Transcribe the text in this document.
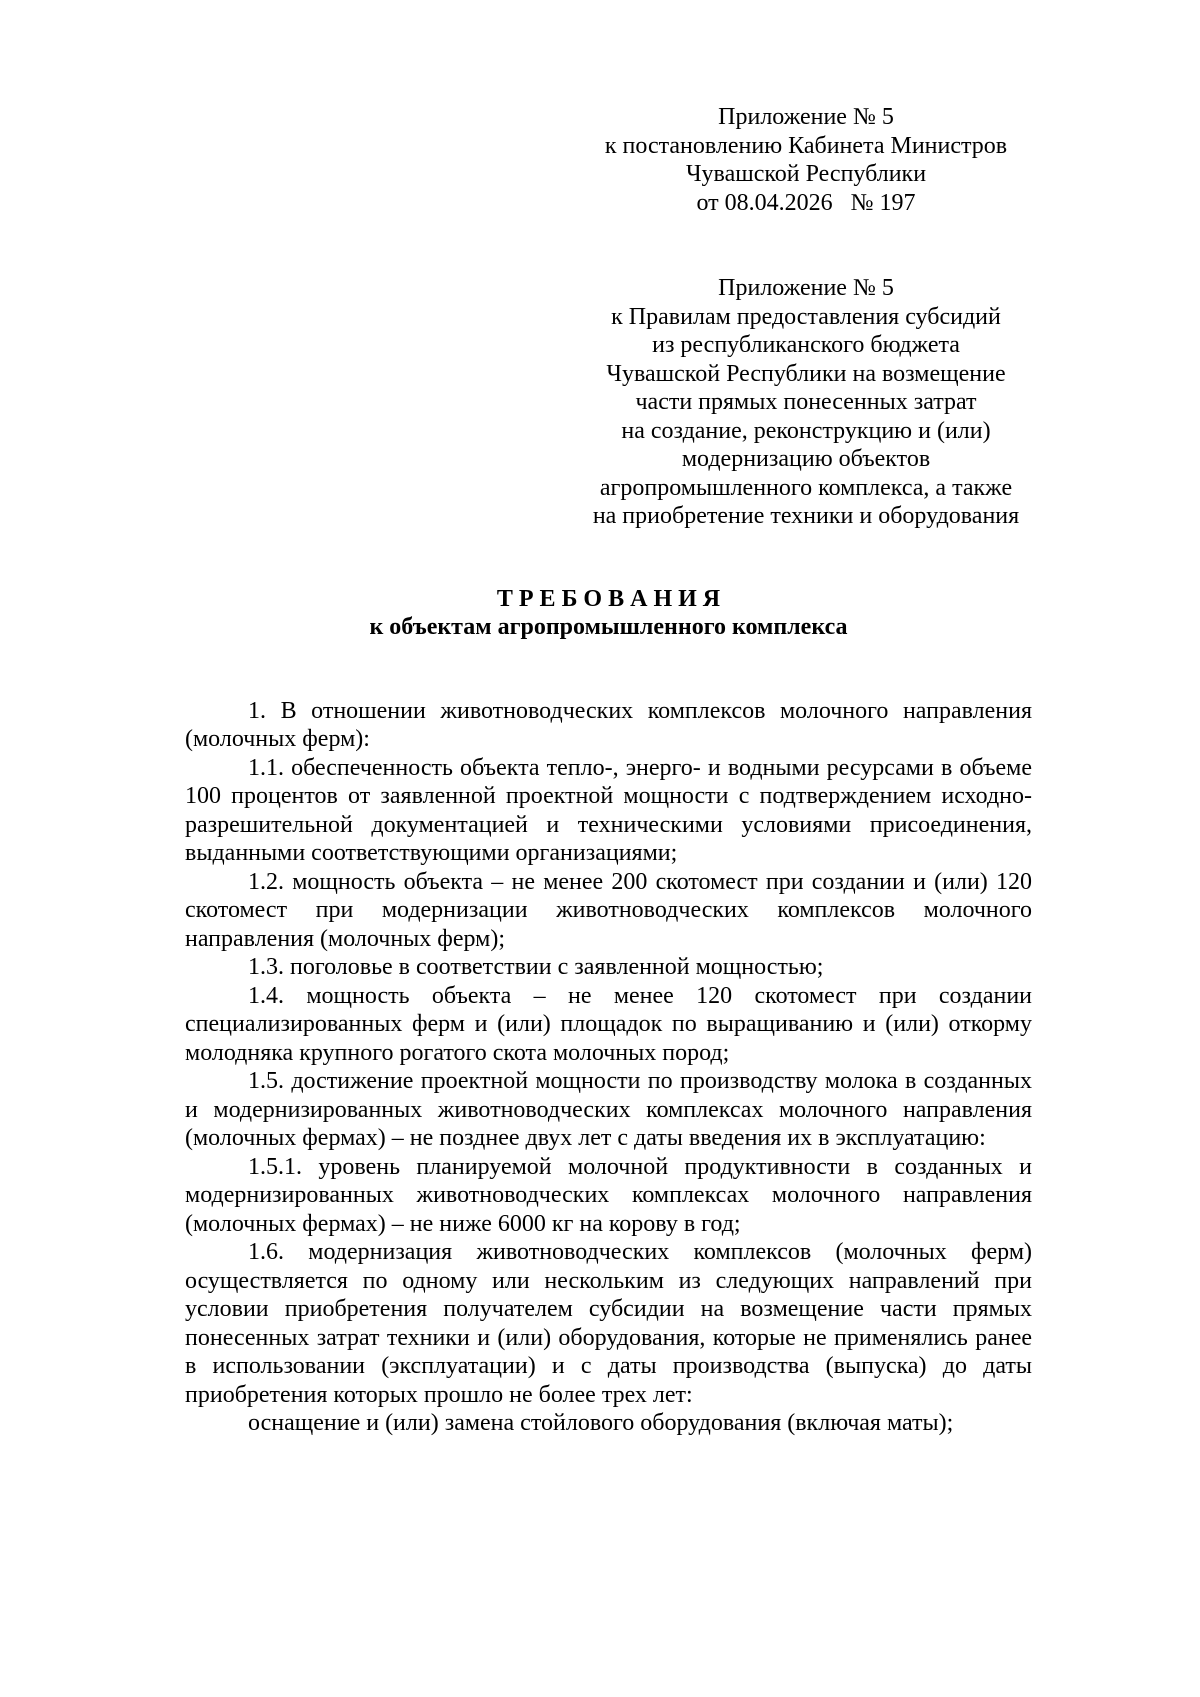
Приложение № 5
к постановлению Кабинета Министров
Чувашской Республики
от 08.04.2026   № 197
Приложение № 5
к Правилам предоставления субсидий
из республиканского бюджета
Чувашской Республики на возмещение
части прямых понесенных затрат
на создание, реконструкцию и (или)
модернизацию объектов
агропромышленного комплекса, а также
на приобретение техники и оборудования
Т Р Е Б О В А Н И Я
к объектам агропромышленного комплекса

1. В отношении животноводческих комплексов молочного направления (молочных ферм):

1.1. обеспеченность объекта тепло-, энерго- и водными ресурсами в объеме 100 процентов от заявленной проектной мощности с подтверждением исходно-разрешительной документацией и техническими условиями присоединения, выданными соответствующими организациями;

1.2. мощность объекта – не менее 200 скотомест при создании и (или) 120 скотомест при модернизации животноводческих комплексов молочного направления (молочных ферм);

1.3. поголовье в соответствии с заявленной мощностью;

1.4. мощность объекта – не менее 120 скотомест при создании специализированных ферм и (или) площадок по выращиванию и (или) откорму молодняка крупного рогатого скота молочных пород;

1.5. достижение проектной мощности по производству молока в созданных и модернизированных животноводческих комплексах молочного направления (молочных фермах) – не позднее двух лет с даты введения их в эксплуатацию:

1.5.1. уровень планируемой молочной продуктивности в созданных и модернизированных животноводческих комплексах молочного направления (молочных фермах) – не ниже 6000 кг на корову в год;

1.6. модернизация животноводческих комплексов (молочных ферм) осуществляется по одному или нескольким из следующих направлений при условии приобретения получателем субсидии на возмещение части прямых понесенных затрат техники и (или) оборудования, которые не применялись ранее в использовании (эксплуатации) и с даты производства (выпуска) до даты приобретения которых прошло не более трех лет:

оснащение и (или) замена стойлового оборудования (включая маты);
